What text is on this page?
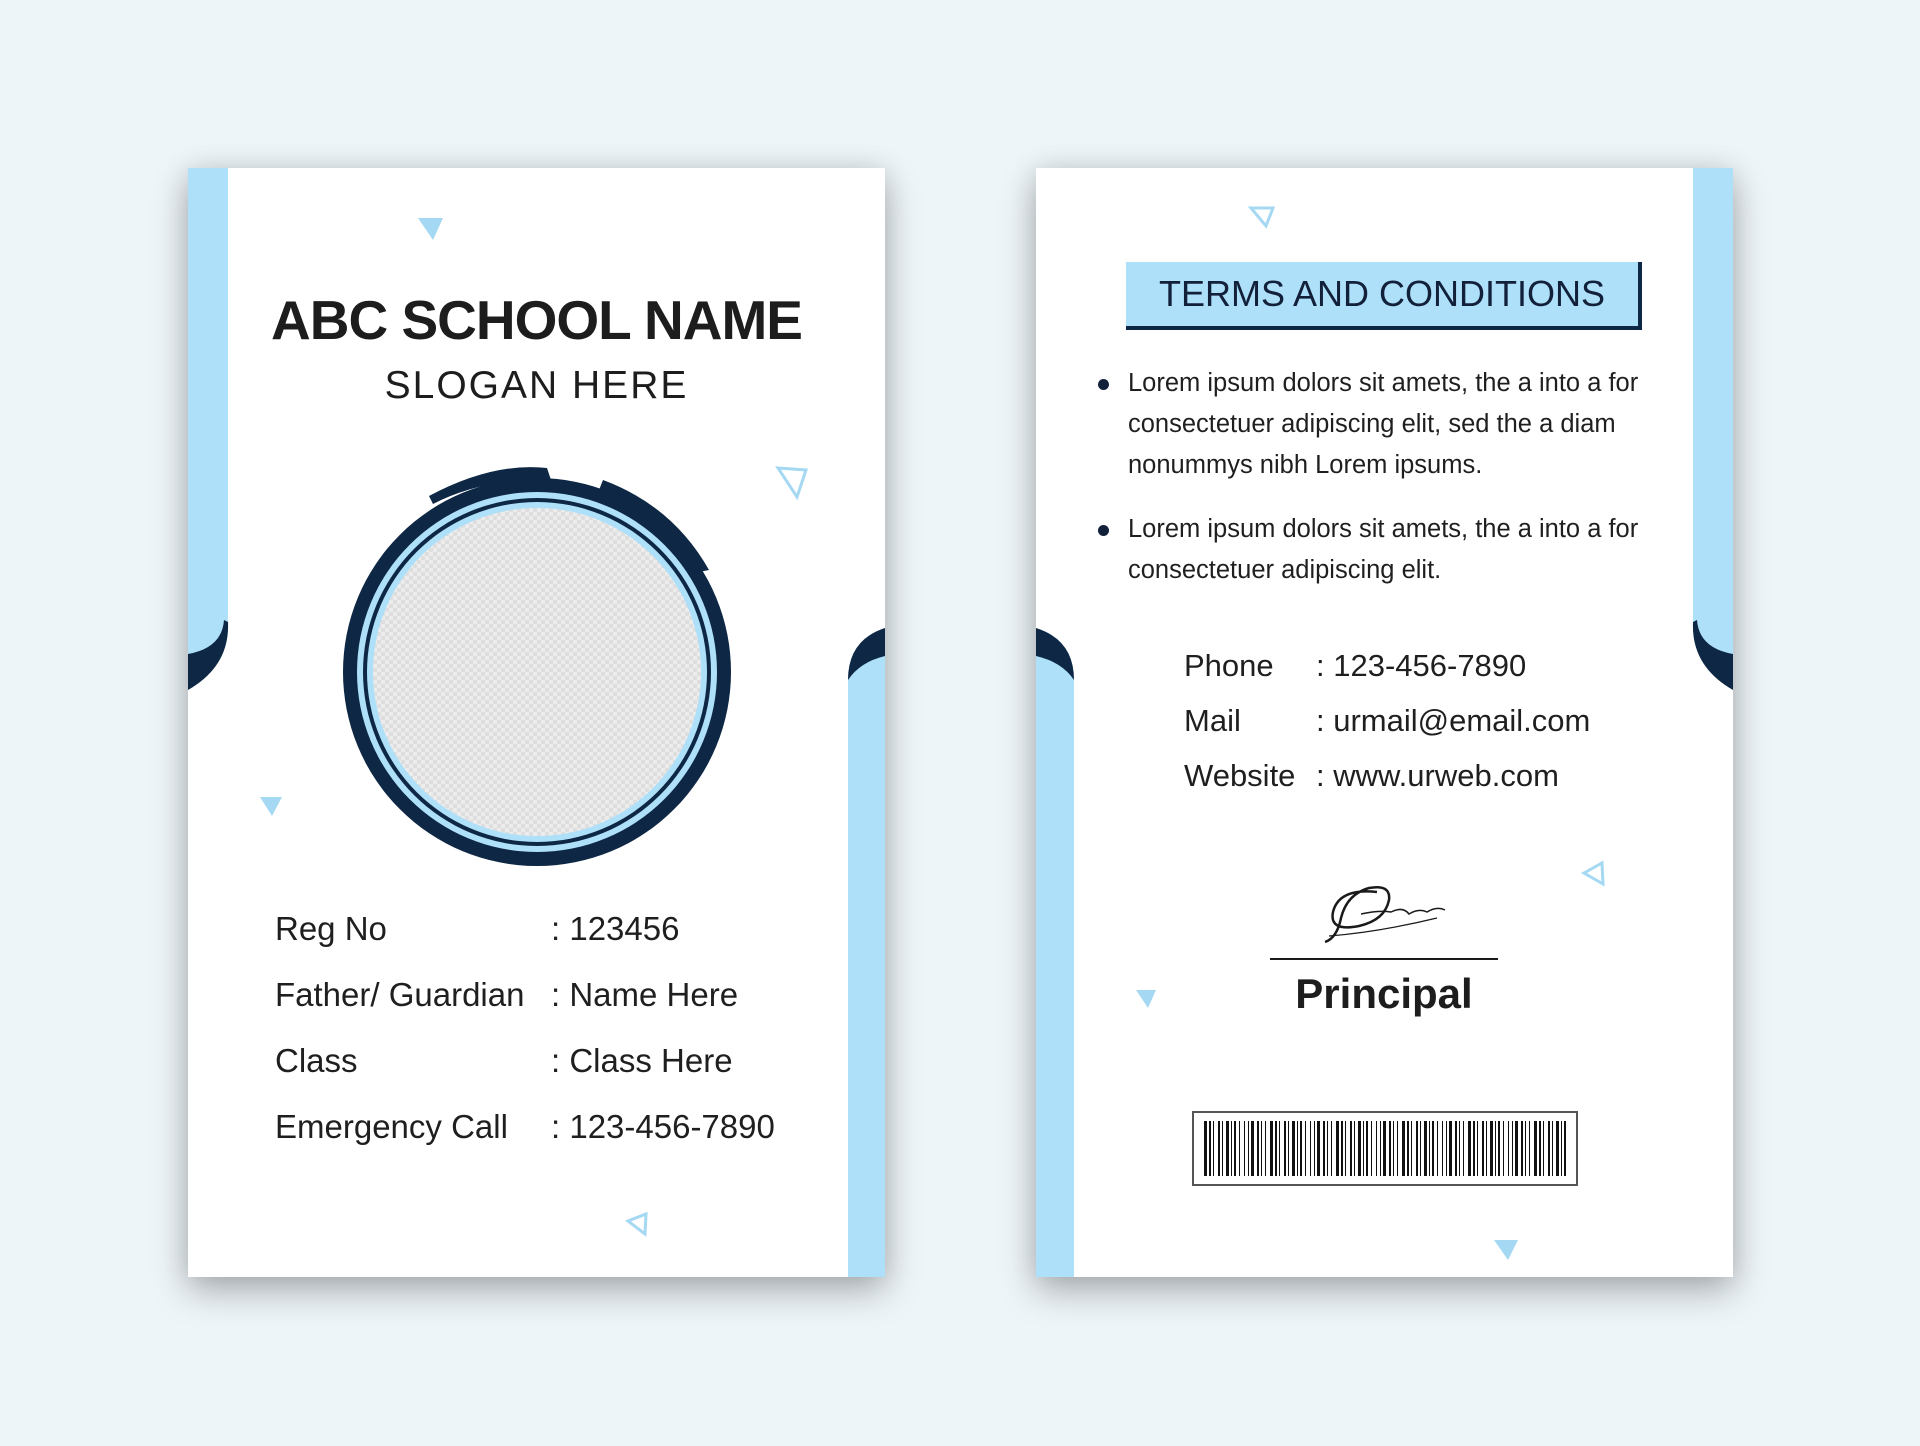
ABC SCHOOL NAME
SLOGAN HERE
Reg No	: 123456
Father/ Guardian : Name Here
Class	: Class Here
Emergency Call	: 123-456-7890
TERMS AND CONDITIONS
Lorem ipsum dolors sit amets, the a into a for consectetuer adipiscing elit, sed the a diam nonummys nibh Lorem ipsums.
Lorem ipsum dolors sit amets, the a into a for consectetuer adipiscing elit.
Phone	: 123-456-7890
Mail	: urmail@email.com
Website : www.urweb.com
Principal
